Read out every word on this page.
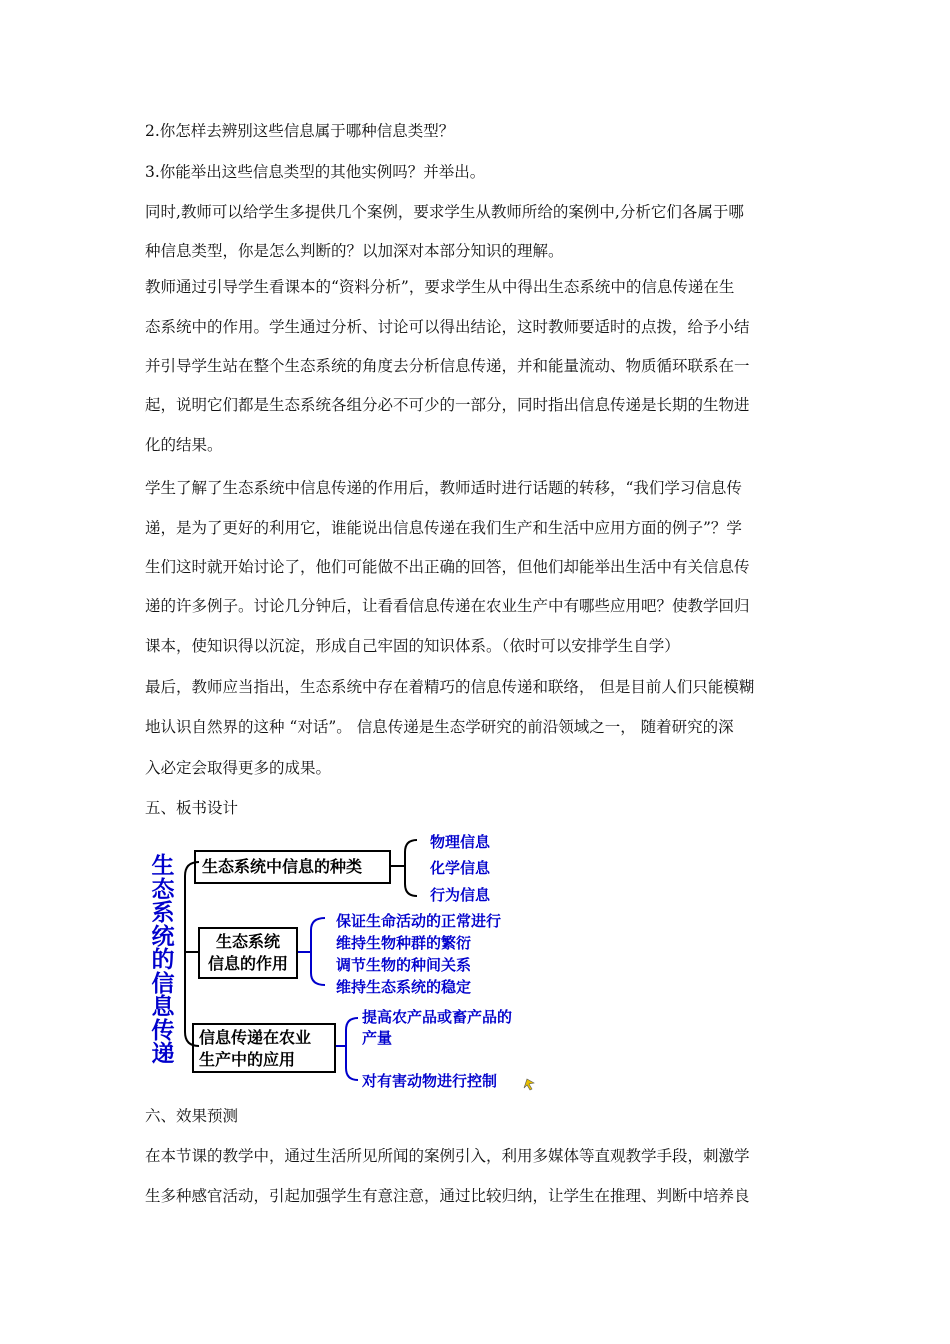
2.你怎样去辨别这些信息属于哪种信息类型？
3.你能举出这些信息类型的其他实例吗？并举出。
同时,教师可以给学生多提供几个案例，要求学生从教师所给的案例中,分析它们各属于哪
种信息类型，你是怎么判断的？以加深对本部分知识的理解。
教师通过引导学生看课本的“资料分析”，要求学生从中得出生态系统中的信息传递在生
态系统中的作用。学生通过分析、讨论可以得出结论，这时教师要适时的点拨，给予小结
并引导学生站在整个生态系统的角度去分析信息传递，并和能量流动、物质循环联系在一
起，说明它们都是生态系统各组分必不可少的一部分，同时指出信息传递是长期的生物进
化的结果。
学生了解了生态系统中信息传递的作用后，教师适时进行话题的转移，“我们学习信息传
递，是为了更好的利用它，谁能说出信息传递在我们生产和生活中应用方面的例子”？学
生们这时就开始讨论了，他们可能做不出正确的回答，但他们却能举出生活中有关信息传
递的许多例子。讨论几分钟后，让看看信息传递在农业生产中有哪些应用吧？使教学回归
课本，使知识得以沉淀，形成自己牢固的知识体系。（依时可以安排学生自学）
最后，教师应当指出，生态系统中存在着精巧的信息传递和联络， 但是目前人们只能模糊
地认识自然界的这种 “对话”。 信息传递是生态学研究的前沿领域之一， 随着研究的深
入必定会取得更多的成果。
五、板书设计
生
态
系
统
的
信
息
传
递
生态系统中信息的种类
生态系统
信息的作用
信息传递在农业
生产中的应用
物理信息
化学信息
行为信息
保证生命活动的正常进行
维持生物种群的繁衍
调节生物的种间关系
维持生态系统的稳定
提高农产品或畜产品的
产量
对有害动物进行控制
六、效果预测
在本节课的教学中，通过生活所见所闻的案例引入，利用多媒体等直观教学手段，刺激学
生多种感官活动，引起加强学生有意注意，通过比较归纳，让学生在推理、判断中培养良
